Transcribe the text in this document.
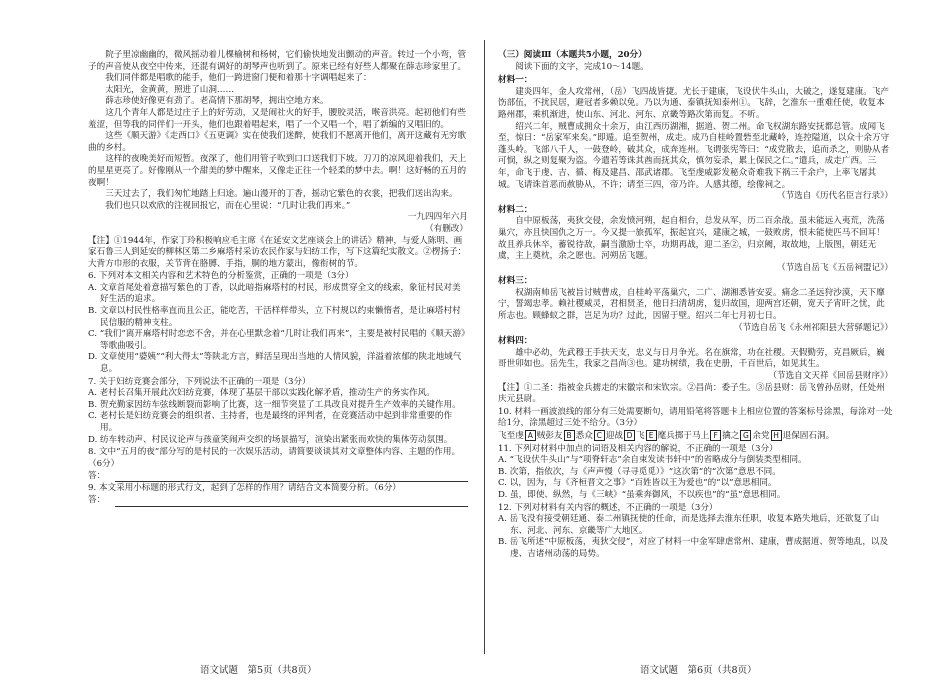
院子里凉幽幽的，微风摇动着儿棵榆树和杨树，它们偷快地发出颤动的声音。转过一个小弯，管子的声音使从夜空中传来，还混有调好的胡琴声也听到了。原来已经有好些人都聚在薛志珍家里了。

我们同伴都是唱歌的能手，他们一跨进窗门便和着那十字调唱起来了：

太阳光，金黄黄，照进了山洞……

薛志珍使好像更有劲了。老高情下那胡琴，拥出空地方来。

这几个青年人都是过庄子上的好劳动，又是闹社火的好手，腰胶灵活，喉音洪亮。起初他们有些羞涩，但等我的同伴们一开头，他们也跟着唱起来，唱了一个又唱一个，唱了新编的又唱旧的。

这些《顺天游》《走西口》《五更调》实在使我们迷醉，使我们不愿离开他们，离开这藏有无穷歌曲的乡村。

这样的夜晚美好而短暂。夜深了，他们用管子吹到口口送我们下坡。刀刀的凉风迎着我们，天上的星星更亮了。好像刚从一个甜美的梦中醒来，又像走正往一个轻柔的梦中去。啊！这好畅的五月的夜啊！

三天过去了，我们匆忙地踏上归途。遍山漫开的丁香，摇动它紫色的衣裳，把我们送出沟来。

我们也只以欢欣的注视回报它，而在心里说：“几时让我们再来。”

一九四四年六月

（有删改）

【注】①1944年，作家丁玲积极响应毛主席《在延安文艺座谈会上的讲话》精神，与爱人陈明、画家石鲁三人到延安的柳林区第二乡麻塔村采访农民作家与妇纺工作，写下这篇纪实散文。②楞扬子：大背方巾形的衣服，关节背在胳膊、手指，胴的地方蒙出，像衔树的节。

6. 下列对本文相关内容和艺术特色的分析鉴赏，正确的一项是（3分）

A. 文章首尾处着意描写紫色的丁香，以此暗指麻塔村的村民，形成贯穿全文的线索，象征村民对美好生活的追求。

B. 文章以村民性格率直而且公正，能吃苦，干活样样带头，立下村规以约束懒惰者，是让麻塔村村民信服的精神支柱。

C. “我们”离开麻塔村时恋恋不舍，并在心里默念着“几时让我们再来”，主要是被村民唱的《顺天游》等歌曲吸引。

D. 文章使用“婆姨”“利大得太”等陕北方言，鲜活呈现出当地的人情风貌，洋溢着浓郁的陕北地域气息。

7. 关于妇纺竞赛会部分，下列说法不正确的一项是（3分）

A. 老村长召集开展此次妇纺竞赛，体现了基层干部以实践化解矛盾，推动生产的务实作风。

B. 贺充勤家因纺车弦线断裂而影响了比赛，这一细节突显了工具改良对提升生产效率的关键作用。

C. 老村长是妇纺竞赛会的组织者、主持者，也是最终的评判者，在竞赛活动中起到非常重要的作用。

D. 纺车转动声、村民议论声与孩童笑闹声交织的场景描写，渲染出紧张而欢快的集体劳动氛围。

8. 文中“五月的夜”部分写的是村民的一次娱乐活动，请简要谈谈其对文章整体内容、主题的作用。（6分）

答：

9. 本文采用小标题的形式行文，起到了怎样的作用？请结合文本简要分析。（6分）

答：

（三）阅读Ⅲ（本题共5小题，20分）

阅读下面的文字，完成10～14题。

材料一：

建炎四年，金人攻常州，（岳）飞四战皆捷。尤长于建康，飞设伏牛头山，大破之，遂复建康。飞产饬部伍，不扰民居，避冠者多赖以免。乃以为通、泰镇抚知泰州①。飞辞，乞淮东一重难任使，收复本路州郡，乘机渐进，使山东、河北、河东、京畿等路次第而复。不听。

绍兴二年，贼曹成拥众十余万，由江西历湖湘，据道、贺二州。命飞权湖东路安抚都总管。成闻飞至，惊曰：“岳家军来矣。”即遁。追至贺州，成走。成乃自桂岭置砦至北藏岭，连控隘道，以众十余万守蓬头岭。飞部八千人，一鼓登岭，破其众，成奔连州。飞谓张宪等曰：“成党散去，追而杀之，则胁从者可悯，纵之则复聚为盗。今遣若等诛其酋而抚其众，慎勿妄杀，累上保民之仁。”遣兵，成走广西。三年，命飞于虔、吉、循、梅及建昌、邵武诸郡。飞至虔威影发秘众奇难我下祸三千余户，上率飞屠其城。飞请诛首恶而赦胁从，不许；请至三四，帝乃许。人感其德，绘像祠之。

（节选自《历代名臣言行录》）

材料二：

自中原板荡，夷狄交侵，余发愤河朔，起自相台，总发从军，历二百余战。虽未能远入夷荒，洗荡巢穴，亦且快国仇之万一。今又提一旅孤军，振起宜兴，建康之城，一鼓败虏，恨未能使匹马不回耳！故且养兵休卒，蓄锐待敌，嗣当激励士卒，功期再战，迎二圣②，归京阙，取故地，上版图，朝廷无虞，主上奠枕，余之愿也。河朔岳飞题。

（节选自岳飞《五岳祠盟记》）

材料三：

权湖南帅岳飞被旨讨贼曹成，自桂岭平荡巢穴，二广、湖湘悉皆安妥。痛念二圣远狩沙漠，天下靡宁，誓竭忠孝。赖社稷威灵，君相贤圣，他日扫清胡虏，复归故国，迎两宫还朝，宽天子宵旰之忧，此所志也。顾蜂蚁之群，岂足为功？过此，因留于壁。绍兴二年七月初七日。

（节选自岳飞《永州祁阳县大营驿题记》）

材料四：

雄中必幼，先武穆王手扶天支，忠义与日月争光。名在旗常，功在社稷。天假勤劳，克昌厥后，巍哥世卯如也。岳先生，我家之昌尚③也。建功树绩，我在史册，千百世后，如见其生。

（节选自文天祥《回岳县财序》）

【注】①二圣：指被金兵掳走的宋徽宗和宋钦宗。②昌尚：委子生。③岳县财：岳飞曾孙岳财，任处州庆元县尉。

10. 材料一画波浪线的部分有三处需要断句，请用铅笔将答题卡上相应位置的答案标号涂黑，每涂对一处给1分，涂黑超过三处不给分。（3分）

飞至虔 A 贼彭友 B 悉众 C 迎战 D 飞 E 麾兵掷于马上 F 擒之 G 余党 H 退保固石洞。

11. 下列对材料中加点的词语及相关内容的解说，不正确的一项是（3分）

A. “飞设伏牛头山”与“项脊轩志”余自束发读书轩中”的省略成分与倒装类型相同。

B. 次第，指依次，与《声声慢（寻寻觅觅）》“这次第”的“次第”意思不同。

C. 以，因为，与《齐桓晋文之事》“百姓皆以王为爱也”的“以”意思相同。

D. 虽，即使、纵然，与《三峡》“虽乘奔御风，不以疾也”的“虽”意思相同。

12. 下列对材料有关内容的概述，不正确的一项是（3分）

A. 岳飞没有接受朝廷通、泰二州镇抚使的任命，而是选择去淮东任职，收复本路失地后，还欲复了山东、河北、河东、京畿等广大地区。

B. 岳飞所述“中原板荡，夷狄交侵”，对应了材料一中金军肆虐常州、建康，曹成据道、贺等地乱，以及虔、吉诸州动荡的局势。

语文试题　第5页（共8页）	语文试题　第6页（共8页）
